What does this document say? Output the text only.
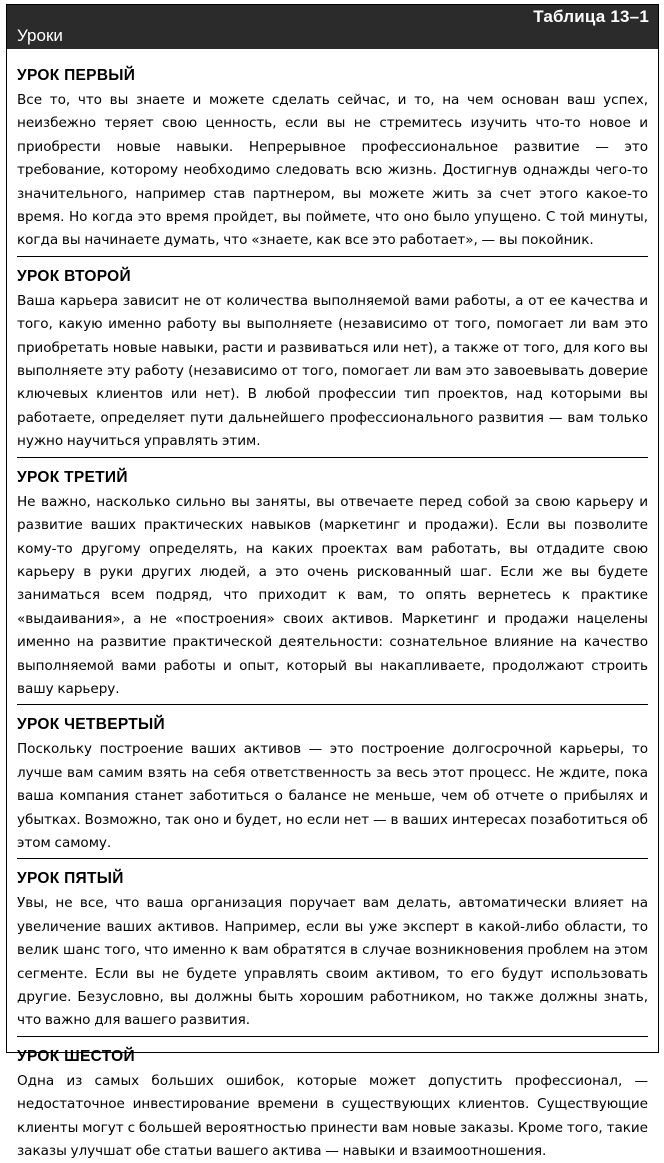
Таблица 13–1
Уроки
УРОК ПЕРВЫЙ

Все то, что вы знаете и можете сделать сейчас, и то, на чем основан ваш успех, неизбежно теряет свою ценность, если вы не стремитесь изучить что-то новое и приобрести новые навыки. Непрерывное профессиональное развитие — это требование, которому необходимо следовать всю жизнь. Достигнув однажды чего-то значительного, например став партнером, вы можете жить за счет этого какое-то время. Но когда это время пройдет, вы поймете, что оно было упущено. С той минуты, когда вы начинаете думать, что «знаете, как все это работает», — вы покойник.

УРОК ВТОРОЙ

Ваша карьера зависит не от количества выполняемой вами работы, а от ее качества и того, какую именно работу вы выполняете (независимо от того, помогает ли вам это приобретать новые навыки, расти и развиваться или нет), а также от того, для кого вы выполняете эту работу (независимо от того, помогает ли вам это завоевывать доверие ключевых клиентов или нет). В любой профессии тип проектов, над которыми вы работаете, определяет пути дальнейшего профессионального развития — вам только нужно научиться управлять этим.

УРОК ТРЕТИЙ

Не важно, насколько сильно вы заняты, вы отвечаете перед собой за свою карьеру и развитие ваших практических навыков (маркетинг и продажи). Если вы позволите кому-то другому определять, на каких проектах вам работать, вы отдадите свою карьеру в руки других людей, а это очень рискованный шаг. Если же вы будете заниматься всем подряд, что приходит к вам, то опять вернетесь к практике «выдаивания», а не «построения» своих активов. Маркетинг и продажи нацелены именно на развитие практической деятельности: сознательное влияние на качество выполняемой вами работы и опыт, который вы накапливаете, продолжают строить вашу карьеру.

УРОК ЧЕТВЕРТЫЙ

Поскольку построение ваших активов — это построение долгосрочной карьеры, то лучше вам самим взять на себя ответственность за весь этот процесс. Не ждите, пока ваша компания станет заботиться о балансе не меньше, чем об отчете о прибылях и убытках. Возможно, так оно и будет, но если нет — в ваших интересах позаботиться об этом самому.

УРОК ПЯТЫЙ

Увы, не все, что ваша организация поручает вам делать, автоматически влияет на увеличение ваших активов. Например, если вы уже эксперт в какой-либо области, то велик шанс того, что именно к вам обратятся в случае возникновения проблем на этом сегменте. Если вы не будете управлять своим активом, то его будут использовать другие. Безусловно, вы должны быть хорошим работником, но также должны знать, что важно для вашего развития.

УРОК ШЕСТОЙ

Одна из самых больших ошибок, которые может допустить профессионал, — недостаточное инвестирование времени в существующих клиентов. Существующие клиенты могут с большей вероятностью принести вам новые заказы. Кроме того, такие заказы улучшат обе статьи вашего актива — навыки и взаимоотношения.
